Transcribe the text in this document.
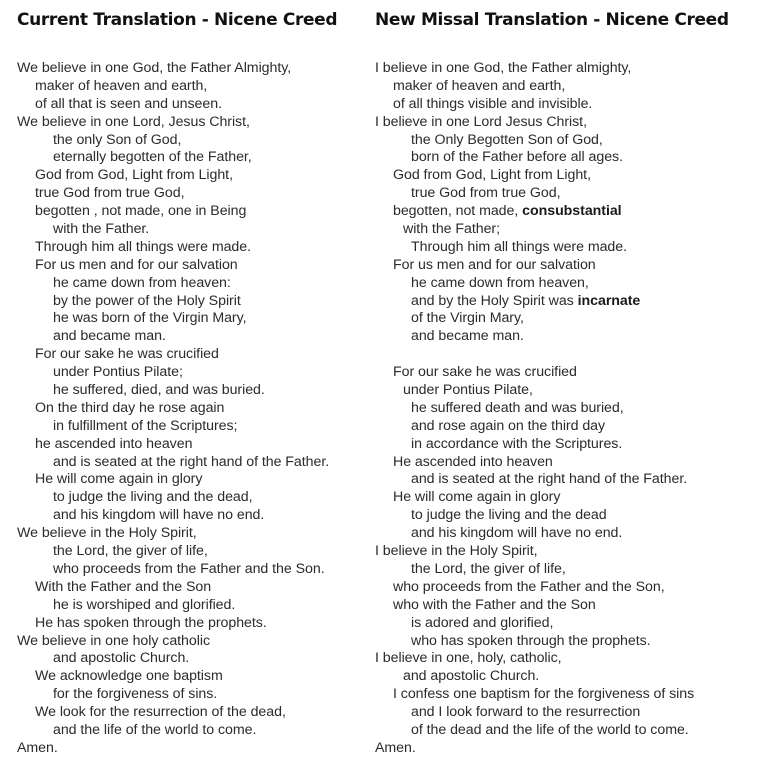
Current Translation - Nicene Creed
We believe in one God, the Father Almighty,
maker of heaven and earth,
of all that is seen and unseen.
We believe in one Lord, Jesus Christ,
the only Son of God,
eternally begotten of the Father,
God from God, Light from Light,
true God from true God,
begotten , not made, one in Being
with the Father.
Through him all things were made.
For us men and for our salvation
he came down from heaven:
by the power of the Holy Spirit
he was born of the Virgin Mary,
and became man.
For our sake he was crucified
under Pontius Pilate;
he suffered, died, and was buried.
On the third day he rose again
in fulfillment of the Scriptures;
he ascended into heaven
and is seated at the right hand of the Father.
He will come again in glory
to judge the living and the dead,
and his kingdom will have no end.
We believe in the Holy Spirit,
the Lord, the giver of life,
who proceeds from the Father and the Son.
With the Father and the Son
he is worshiped and glorified.
He has spoken through the prophets.
We believe in one holy catholic
and apostolic Church.
We acknowledge one baptism
for the forgiveness of sins.
We look for the resurrection of the dead,
and the life of the world to come.
Amen.
New Missal Translation - Nicene Creed
I believe in one God, the Father almighty,
maker of heaven and earth,
of all things visible and invisible.
I believe in one Lord Jesus Christ,
the Only Begotten Son of God,
born of the Father before all ages.
God from God, Light from Light,
true God from true God,
begotten, not made, consubstantial
with the Father;
Through him all things were made.
For us men and for our salvation
he came down from heaven,
and by the Holy Spirit was incarnate
of the Virgin Mary,
and became man.
For our sake he was crucified
under Pontius Pilate,
he suffered death and was buried,
and rose again on the third day
in accordance with the Scriptures.
He ascended into heaven
and is seated at the right hand of the Father.
He will come again in glory
to judge the living and the dead
and his kingdom will have no end.
I believe in the Holy Spirit,
the Lord, the giver of life,
who proceeds from the Father and the Son,
who with the Father and the Son
is adored and glorified,
who has spoken through the prophets.
I believe in one, holy, catholic,
and apostolic Church.
I confess one baptism for the forgiveness of sins
and I look forward to the resurrection
of the dead and the life of the world to come.
Amen.
